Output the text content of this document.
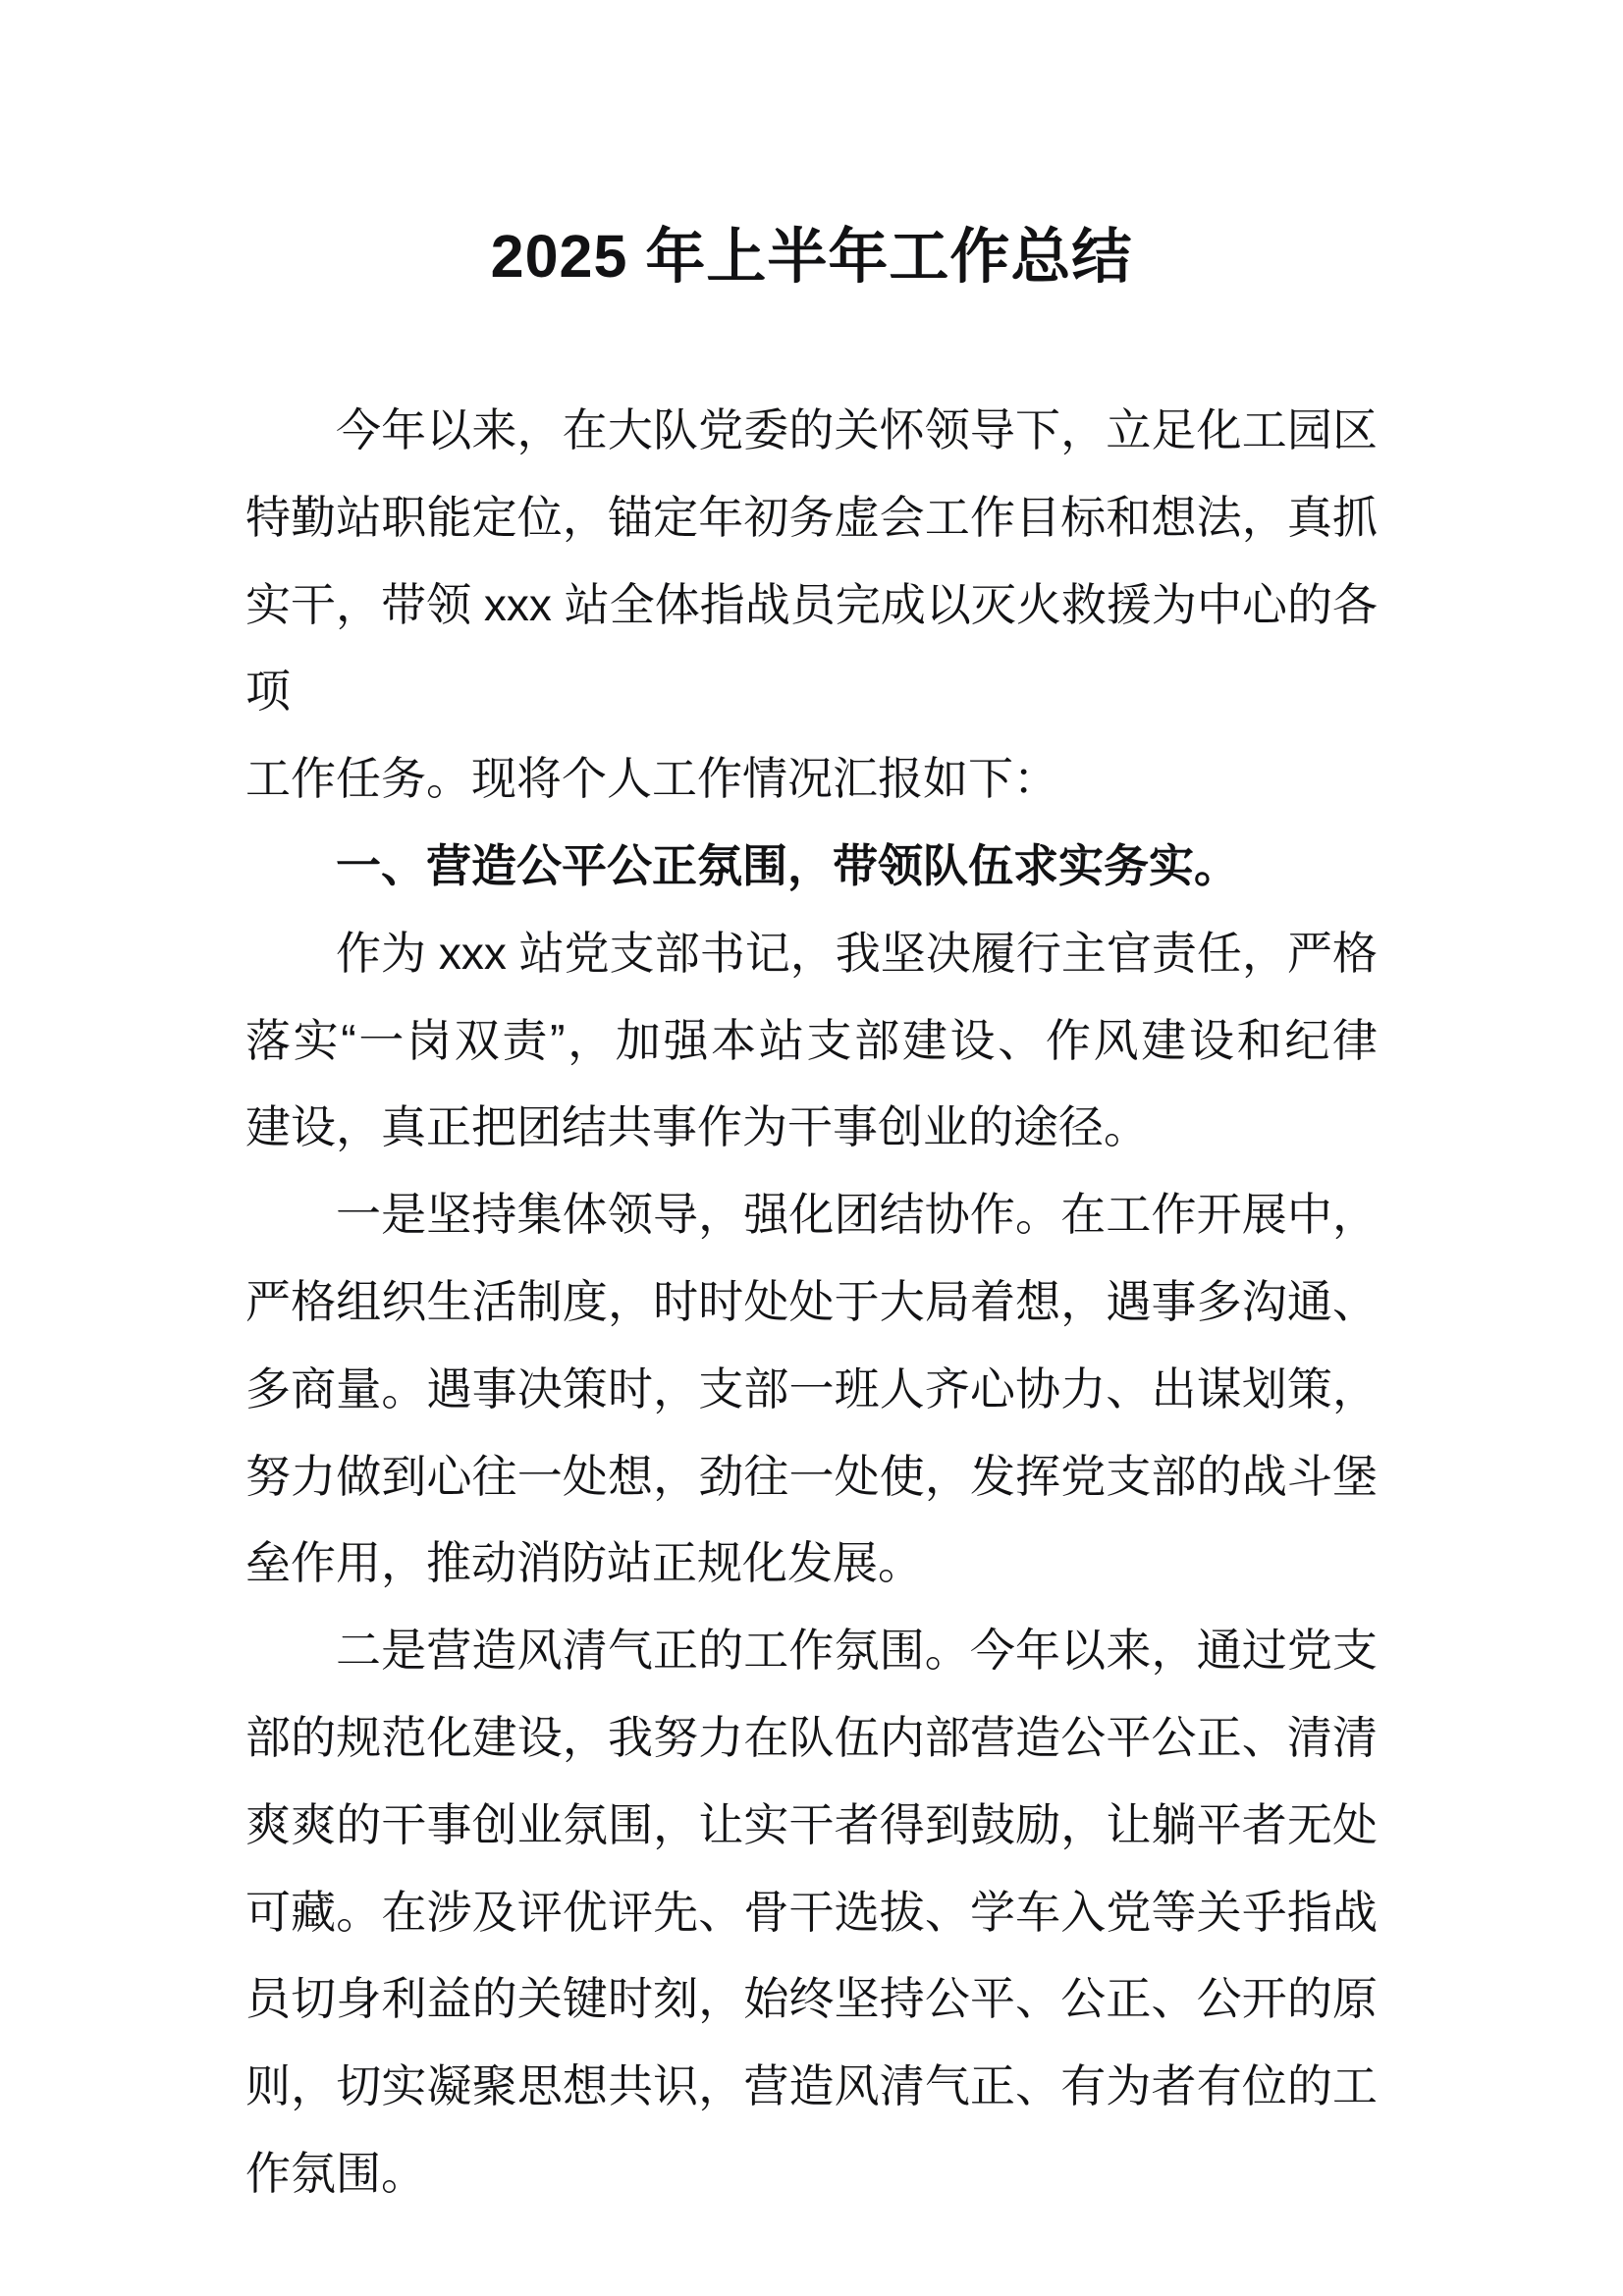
2025 年上半年工作总结
今年以来，在大队党委的关怀领导下，立足化工园区
特勤站职能定位，锚定年初务虚会工作目标和想法，真抓
实干，带领 xxx 站全体指战员完成以灭火救援为中心的各项
工作任务。现将个人工作情况汇报如下：
一、营造公平公正氛围，带领队伍求实务实。
作为 xxx 站党支部书记，我坚决履行主官责任，严格
落实“一岗双责”，加强本站支部建设、作风建设和纪律
建设，真正把团结共事作为干事创业的途径。
一是坚持集体领导，强化团结协作。在工作开展中，
严格组织生活制度，时时处处于大局着想，遇事多沟通、
多商量。遇事决策时，支部一班人齐心协力、出谋划策，
努力做到心往一处想，劲往一处使，发挥党支部的战斗堡
垒作用，推动消防站正规化发展。
二是营造风清气正的工作氛围。今年以来，通过党支
部的规范化建设，我努力在队伍内部营造公平公正、清清
爽爽的干事创业氛围，让实干者得到鼓励，让躺平者无处
可藏。在涉及评优评先、骨干选拔、学车入党等关乎指战
员切身利益的关键时刻，始终坚持公平、公正、公开的原
则，切实凝聚思想共识，营造风清气正、有为者有位的工
作氛围。
